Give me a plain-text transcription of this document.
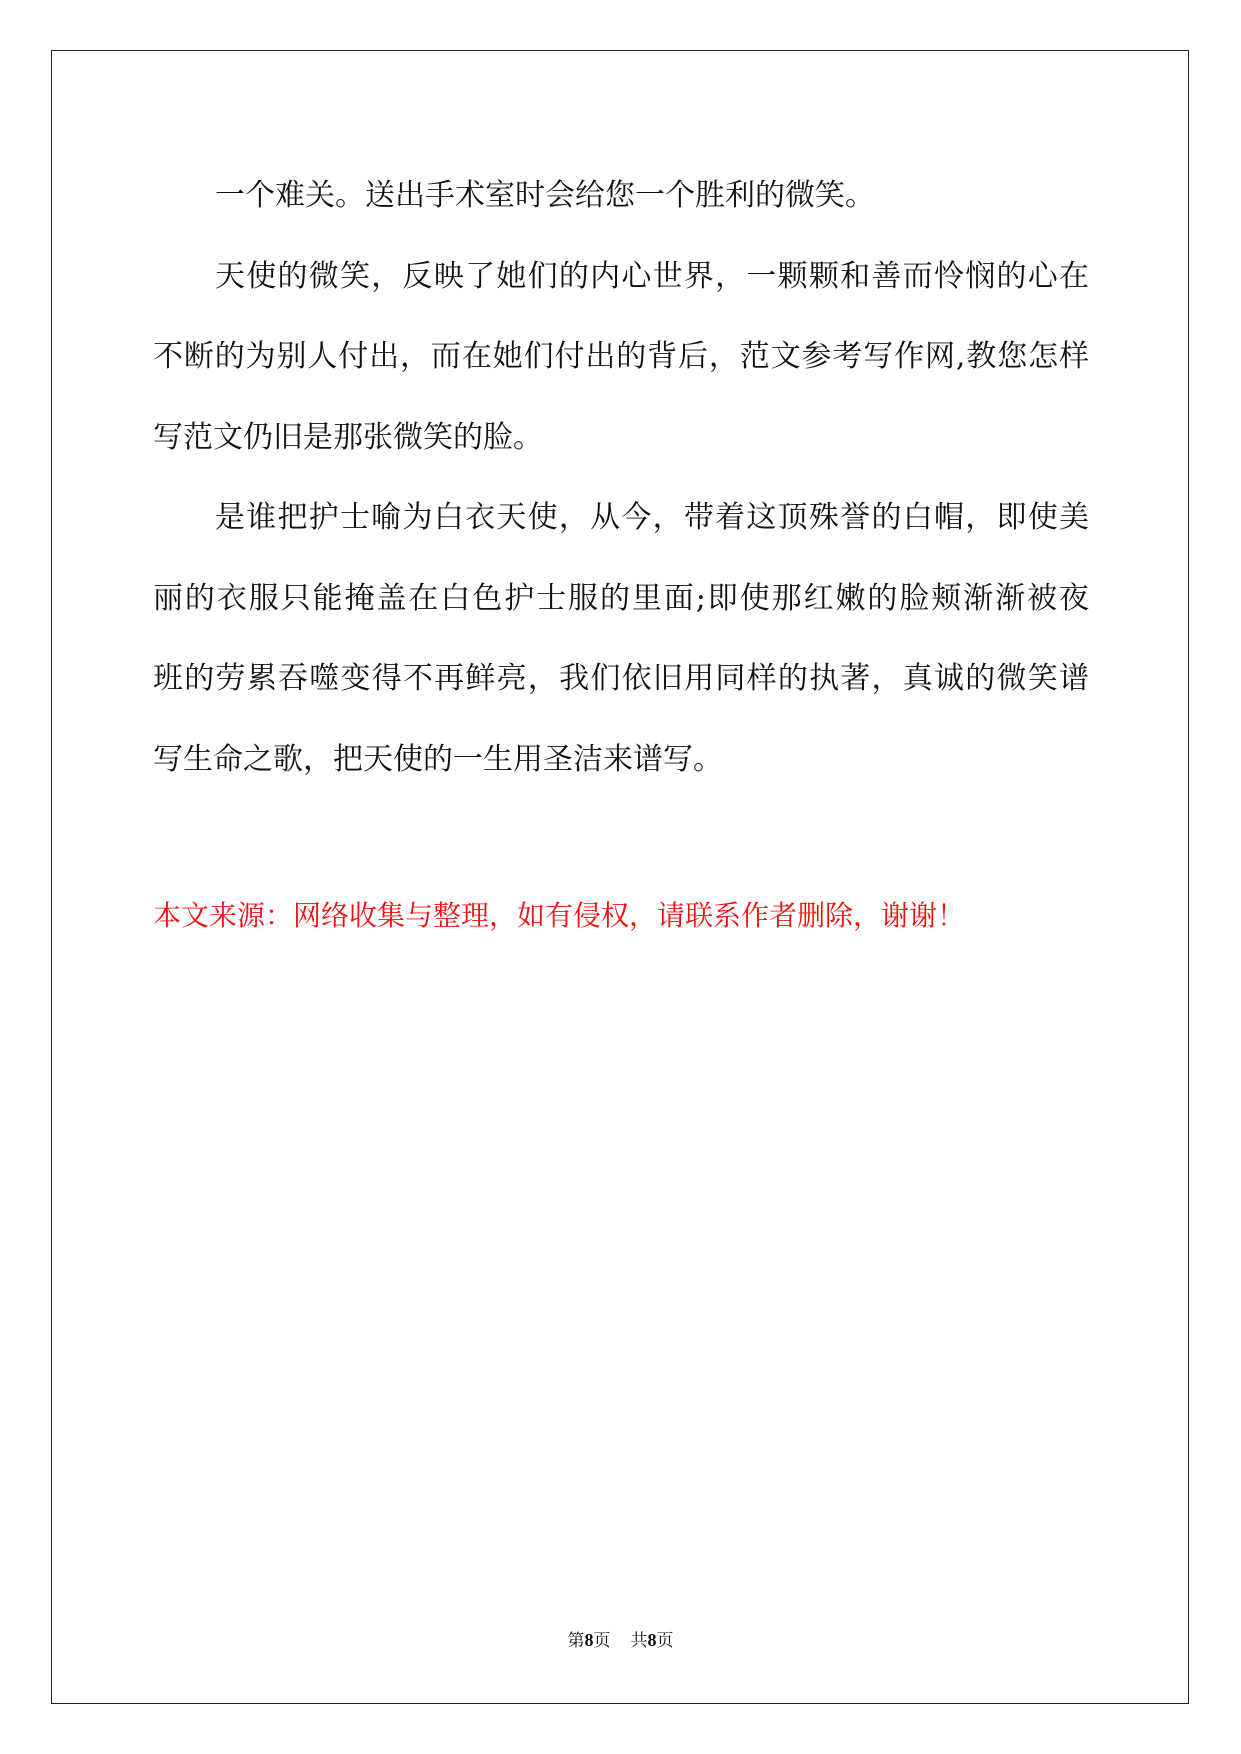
一个难关。送出手术室时会给您一个胜利的微笑。
天使的微笑，反映了她们的内心世界，一颗颗和善而怜悯的心在
不断的为别人付出，而在她们付出的背后，范文参考写作网,教您怎样
写范文仍旧是那张微笑的脸。
是谁把护士喻为白衣天使，从今，带着这顶殊誉的白帽，即使美
丽的衣服只能掩盖在白色护士服的里面;即使那红嫩的脸颊渐渐被夜
班的劳累吞噬变得不再鲜亮，我们依旧用同样的执著，真诚的微笑谱
写生命之歌，把天使的一生用圣洁来谱写。
本文来源：网络收集与整理，如有侵权，请联系作者删除，谢谢！
第8页 共8页
